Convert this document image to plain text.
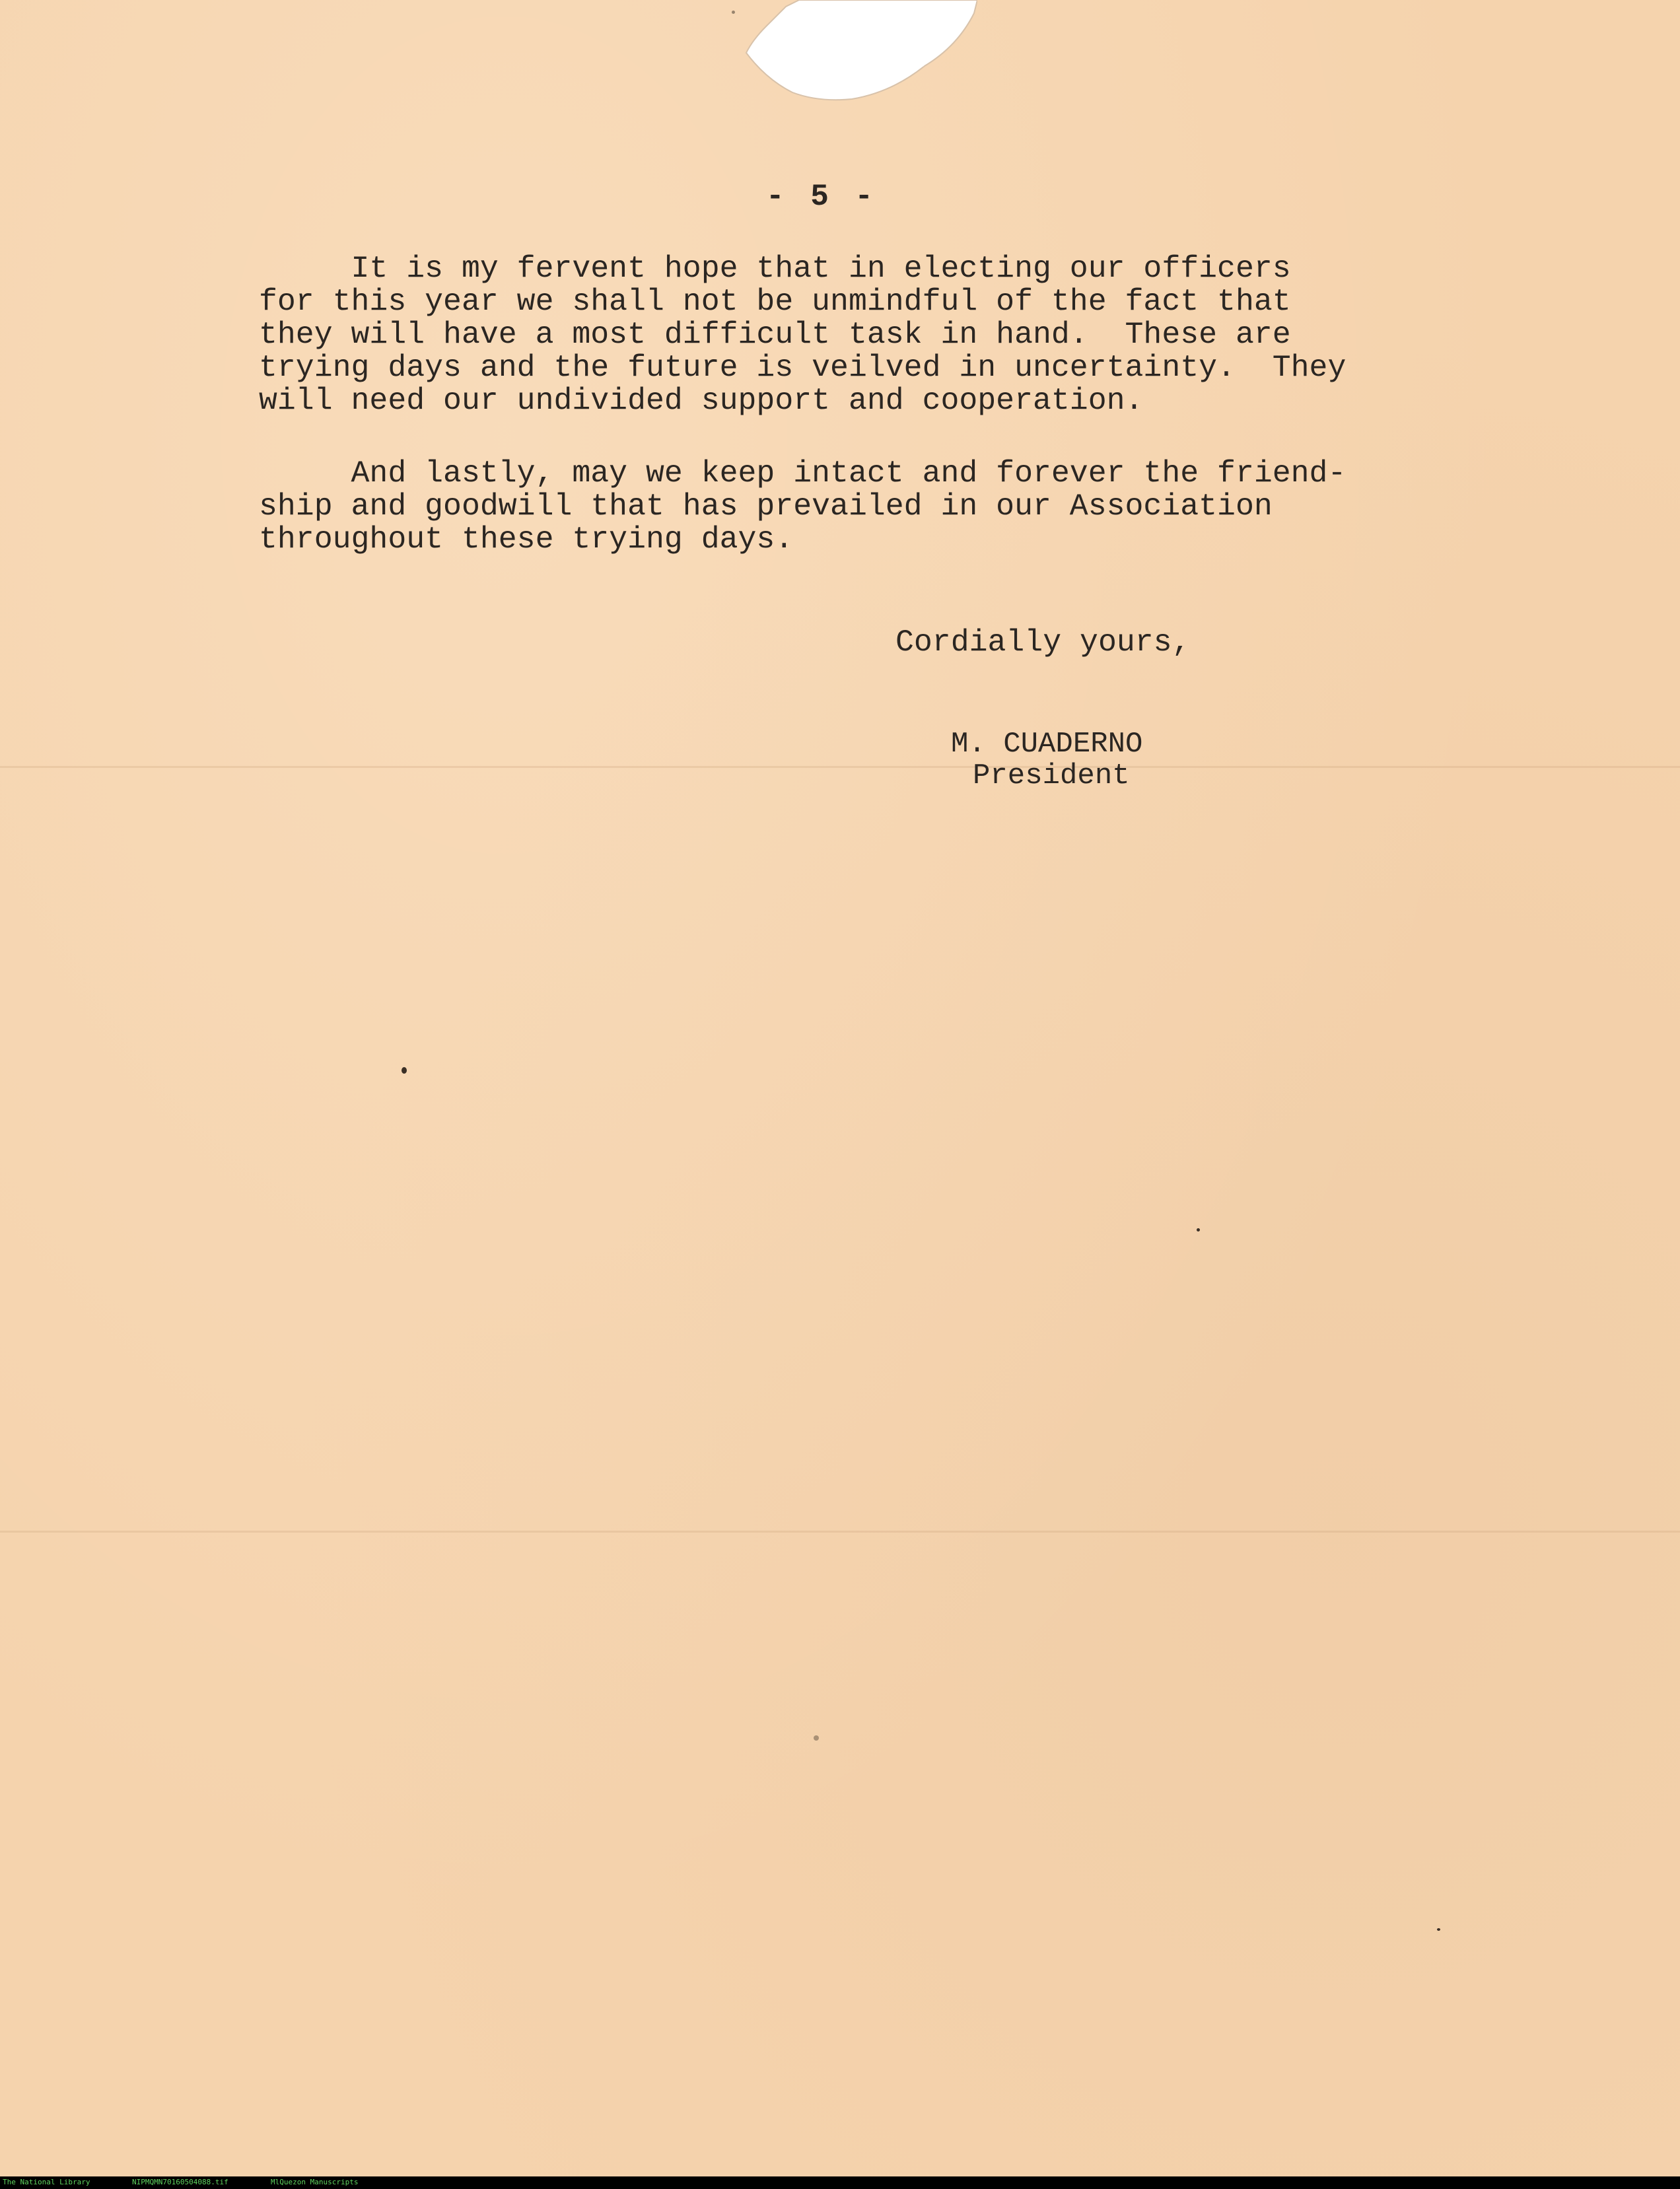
- 5 -

It is my fervent hope that in electing our officers
for this year we shall not be unmindful of the fact that
they will have a most difficult task in hand.  These are
trying days and the future is veilved in uncertainty.  They
will need our undivided support and cooperation.
And lastly, may we keep intact and forever the friend-
ship and goodwill that has prevailed in our Association
throughout these trying days.

Cordially yours,

M. CUADERNO

President

The National Library	NIPMQMN70160504088.tif	MlQuezon Manuscripts
